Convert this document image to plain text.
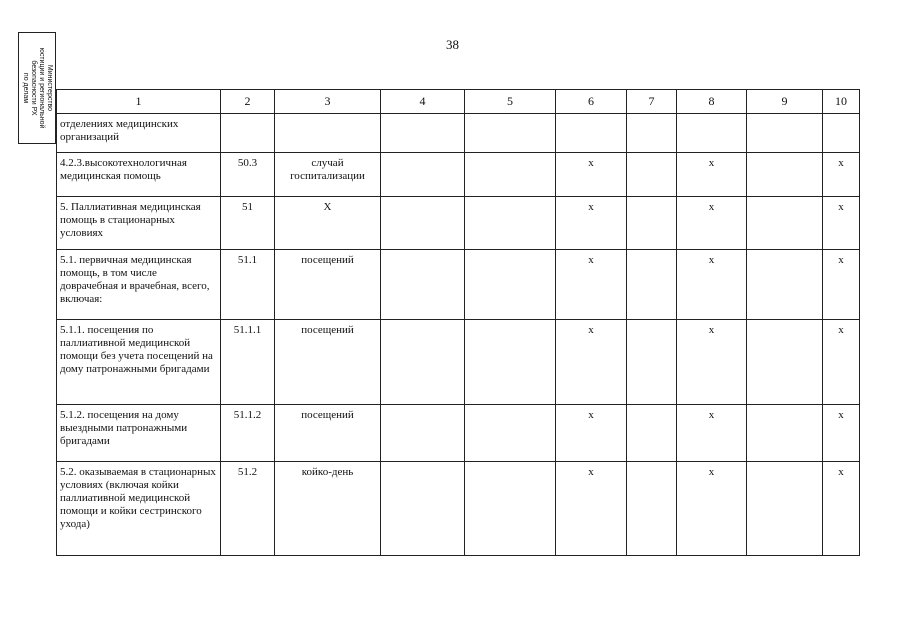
38
Министерство
юстиции и региональной
безопасности РХ
по делам	1	2	3	4	5	6	7	8	9	10
отделениях медицинских организаций									
4.2.3.высокотехнологичная медицинская помощь	50.3	случай госпитализации			x		x		x
5. Паллиативная медицинская помощь в стационарных условиях	51	X			x		x		x
5.1. первичная медицинская помощь, в том числе доврачебная и врачебная, всего, включая:	51.1	посещений			x		x		x
5.1.1. посещения по паллиативной медицинской помощи без учета посещений на дому патронажными бригадами	51.1.1	посещений			x		x		x
5.1.2. посещения на дому выездными патронажными бригадами	51.1.2	посещений			x		x		x
5.2. оказываемая в стационарных условиях (включая койки паллиативной медицинской помощи и койки сестринского ухода)	51.2	койко-день			x		x		x
